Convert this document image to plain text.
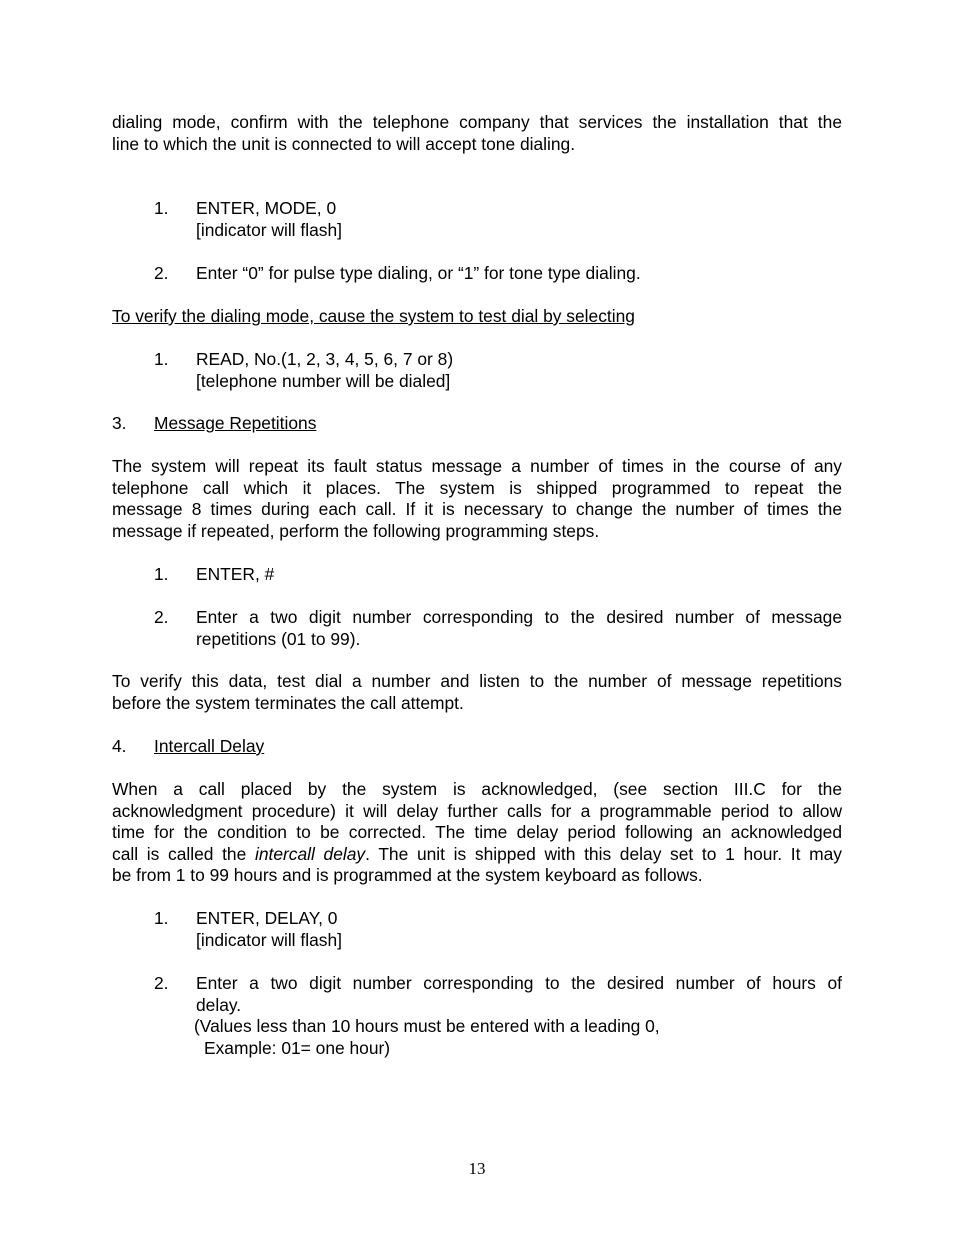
dialing mode, confirm with the telephone company that services the installation that the
line to which the unit is connected to will accept tone dialing.
1. ENTER, MODE, 0
[indicator will flash]
2. Enter “0” for pulse type dialing, or “1” for tone type dialing.
To verify the dialing mode, cause the system to test dial by selecting
1. READ, No.(1, 2, 3, 4, 5, 6, 7 or 8)
[telephone number will be dialed]
3. Message Repetitions
The system will repeat its fault status message a number of times in the course of any
telephone call which it places. The system is shipped programmed to repeat the
message 8 times during each call. If it is necessary to change the number of times the
message if repeated, perform the following programming steps.
1. ENTER, #
2. Enter a two digit number corresponding to the desired number of message
repetitions (01 to 99).
To verify this data, test dial a number and listen to the number of message repetitions
before the system terminates the call attempt.
4. Intercall Delay
When a call placed by the system is acknowledged, (see section III.C for the
acknowledgment procedure) it will delay further calls for a programmable period to allow
time for the condition to be corrected. The time delay period following an acknowledged
call is called the intercall delay. The unit is shipped with this delay set to 1 hour. It may
be from 1 to 99 hours and is programmed at the system keyboard as follows.
1. ENTER, DELAY, 0
[indicator will flash]
2. Enter a two digit number corresponding to the desired number of hours of
delay.
(Values less than 10 hours must be entered with a leading 0,
Example: 01= one hour)
13
